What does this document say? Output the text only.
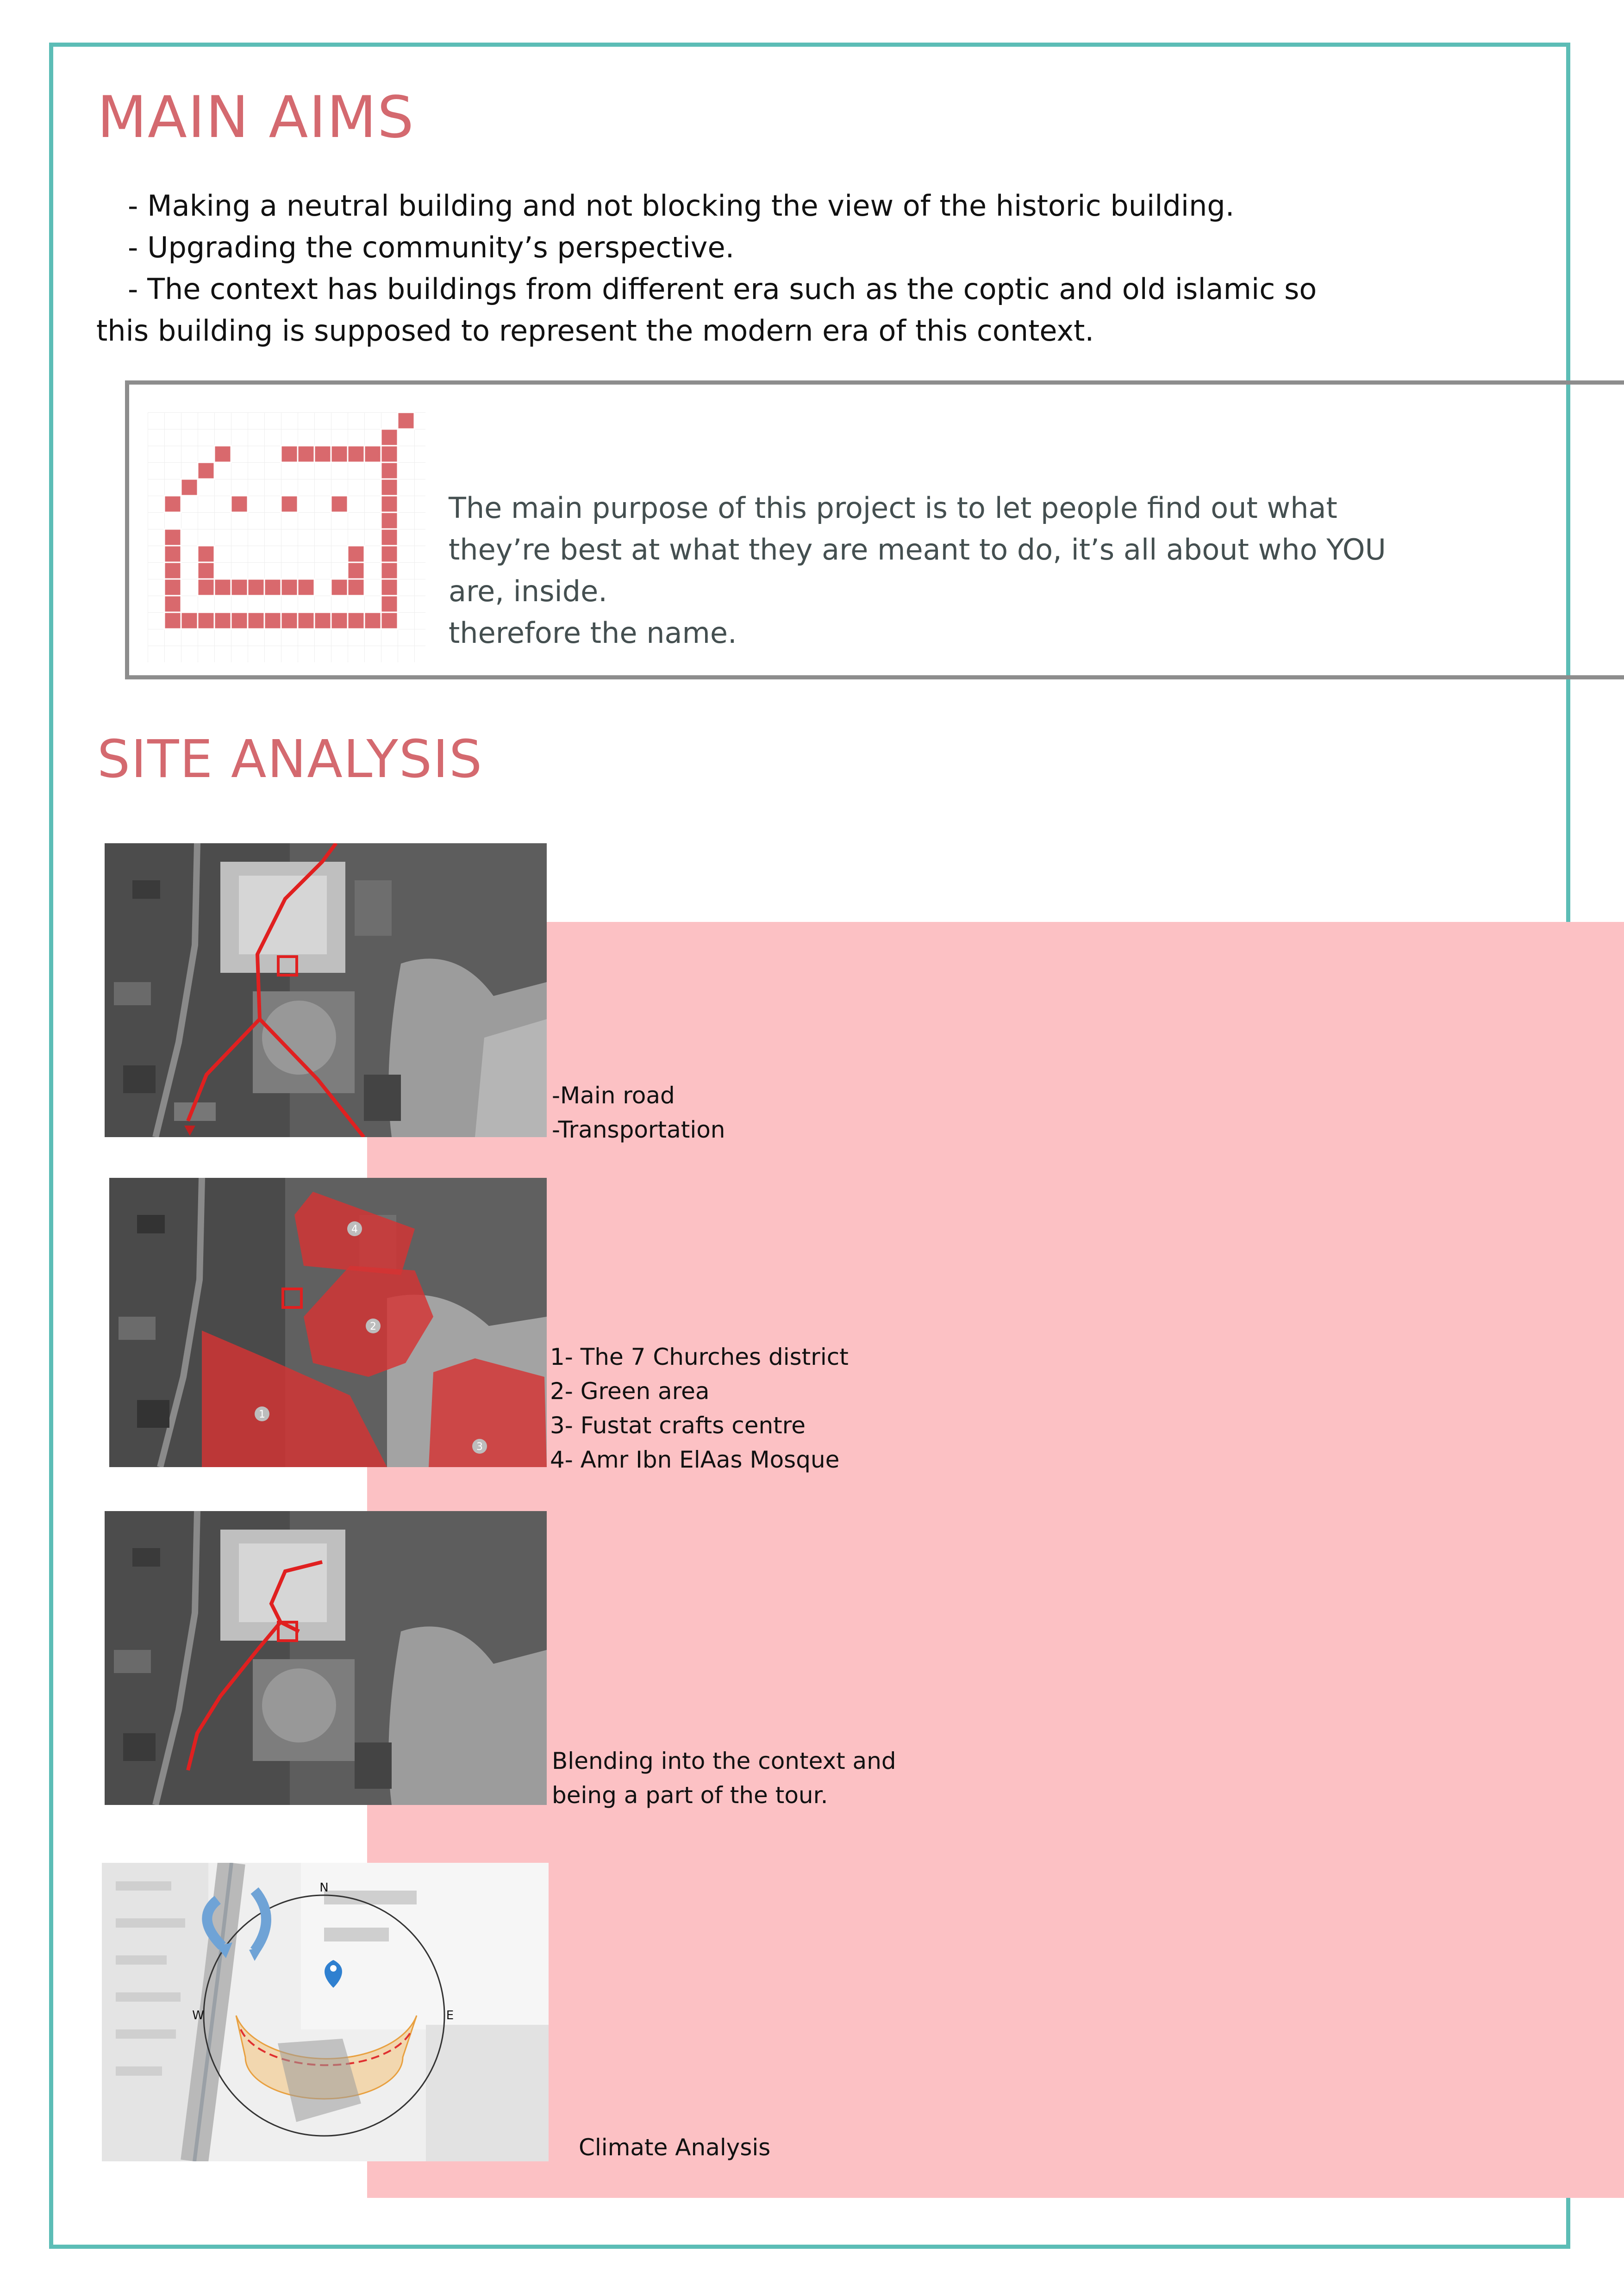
MAIN AIMS
- Making a neutral building and not blocking the view of the historic building.
- Upgrading the community’s perspective.
- The context has buildings from different era such as the coptic and old islamic so
this building is supposed to represent the modern era of this context.
The main purpose of this project is to let people find out what
they’re best at what they are meant to do, it’s all about who YOU
are, inside.
therefore the name.
SITE ANALYSIS
-Main road
-Transportation
4
2
1
3
1- The 7 Churches district
2- Green area
3- Fustat crafts centre
4- Amr Ibn ElAas Mosque
Blending into the context and
being a part of the tour.
N
E
W
Climate Analysis
